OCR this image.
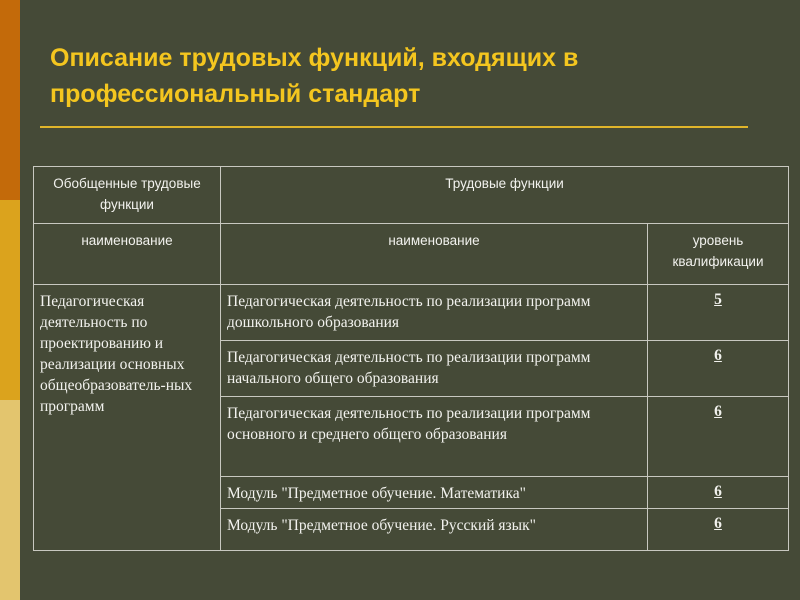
Описание трудовых функций, входящих в профессиональный стандарт
Обобщенные трудовые функции	Трудовые функции	
наименование	наименование	уровень квалификации
Педагогическая деятельность по проектированию и реализации основных общеобразователь-ных программ	Педагогическая деятельность по реализации программ дошкольного образования	5
	Педагогическая деятельность по реализации программ начального общего образования	6
	Педагогическая деятельность по реализации программ основного и среднего общего образования	6
	Модуль "Предметное обучение. Математика"	6
	Модуль "Предметное обучение. Русский язык"	6
